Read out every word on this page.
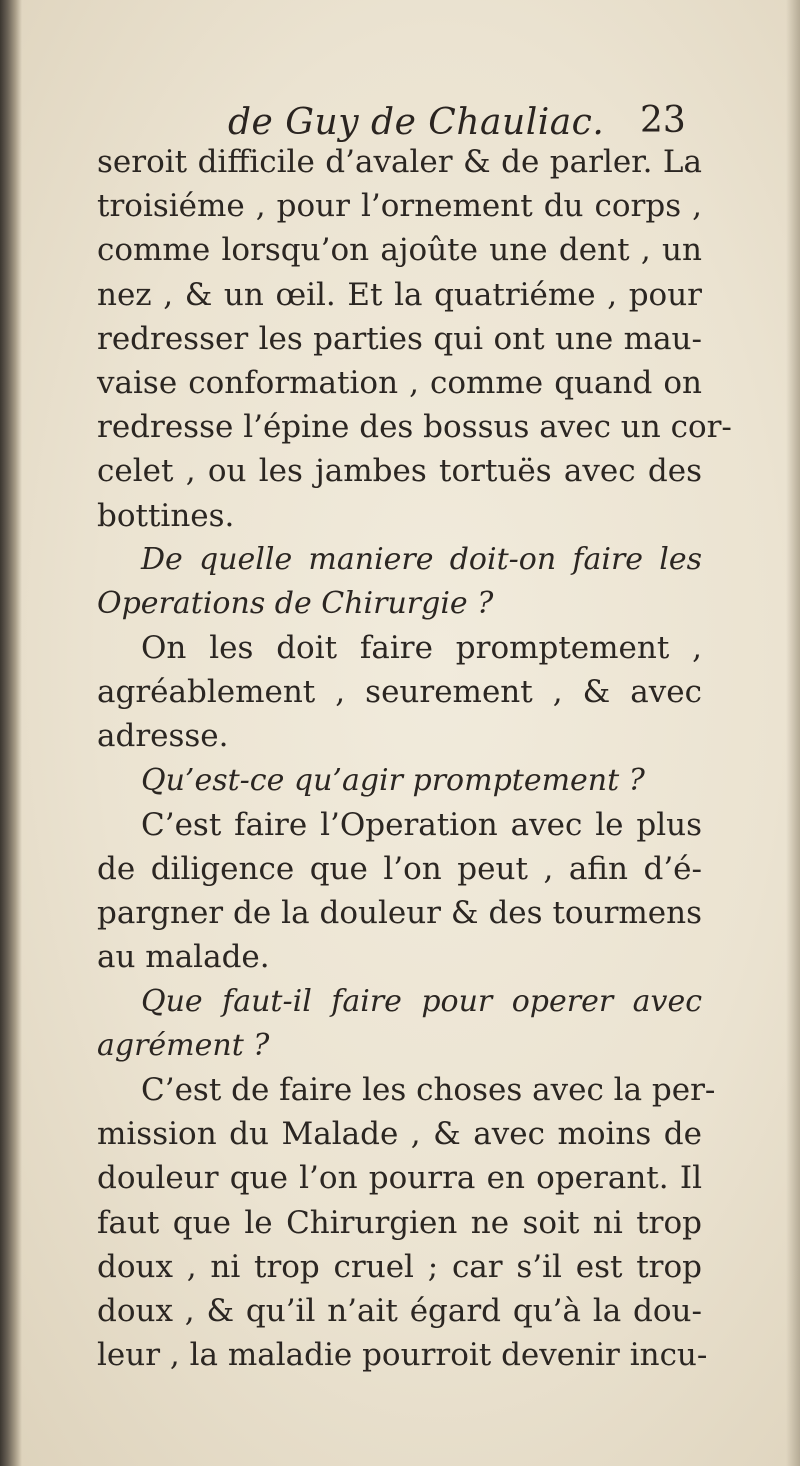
de Guy de Chauliac. 23
seroit difficile d’avaler & de parler. La
troisiéme , pour l’ornement du corps ,
comme lorsqu’on ajoûte une dent , un
nez , & un œil. Et la quatriéme , pour
redresser les parties qui ont une mau-
vaise conformation , comme quand on
redresse l’épine des bossus avec un cor-
celet , ou les jambes tortuës avec des
bottines.
De quelle maniere doit-on faire les
Operations de Chirurgie ?
On les doit faire promptement ,
agréablement , seurement , & avec
adresse.
Qu’est-ce qu’agir promptement ?
C’est faire l’Operation avec le plus
de diligence que l’on peut , afin d’é-
pargner de la douleur & des tourmens
au malade.
Que faut-il faire pour operer avec
agrément ?
C’est de faire les choses avec la per-
mission du Malade , & avec moins de
douleur que l’on pourra en operant. Il
faut que le Chirurgien ne soit ni trop
doux , ni trop cruel ; car s’il est trop
doux , & qu’il n’ait égard qu’à la dou-
leur , la maladie pourroit devenir incu-
